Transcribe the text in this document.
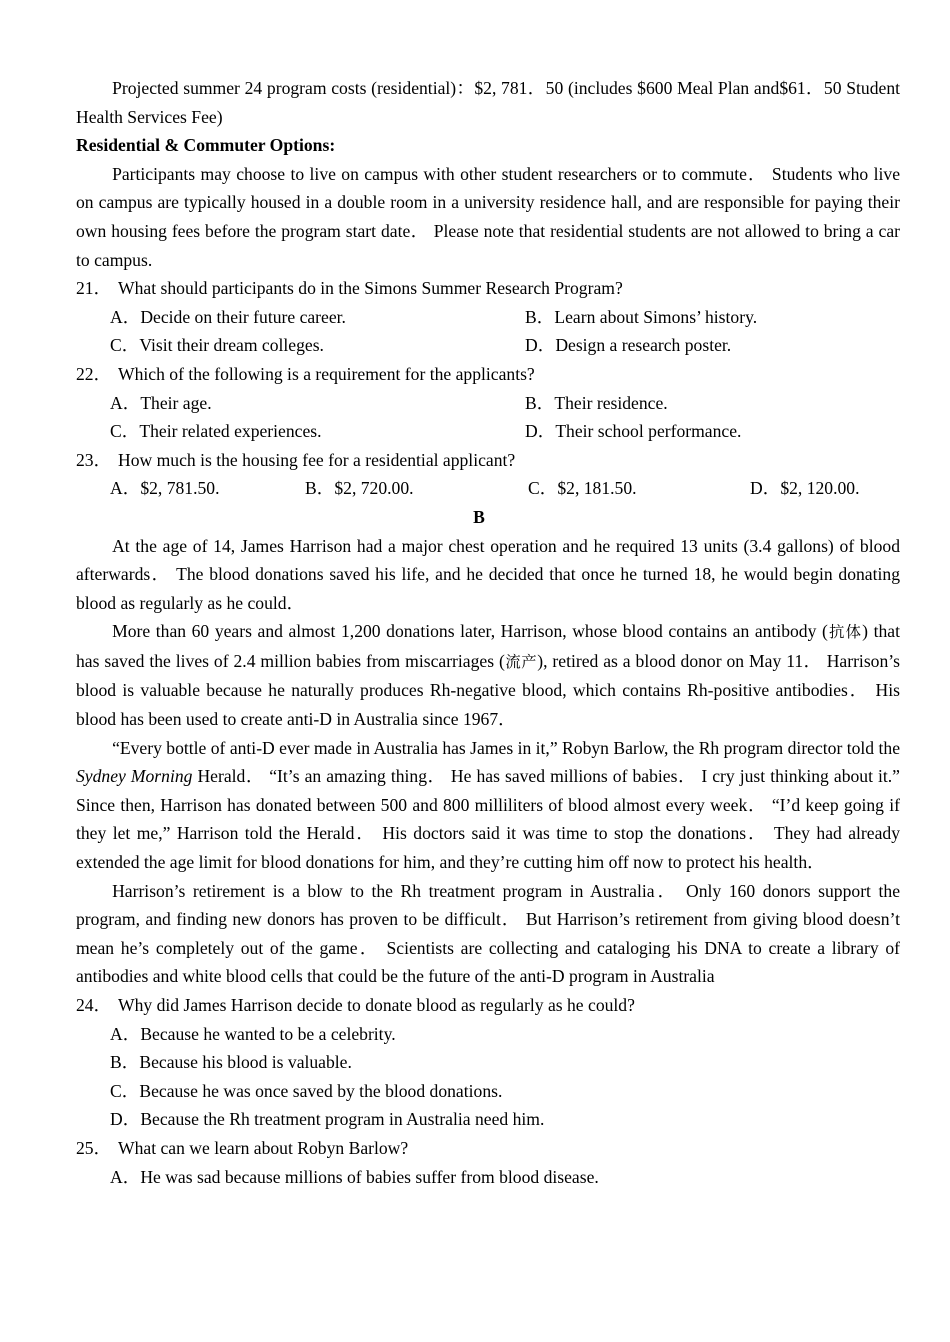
Projected summer 24 program costs (residential)：$2, 781．50 (includes $600 Meal Plan and$61．50 Student Health Services Fee)

Residential & Commuter Options:

Participants may choose to live on campus with other student researchers or to commute． Students who live on campus are typically housed in a double room in a university residence hall, and are responsible for paying their own housing fees before the program start date． Please note that residential students are not allowed to bring a car to campus.

21． What should participants do in the Simons Summer Research Program?

A．Decide on their future career.	B．Learn about Simons’ history.
C．Visit their dream colleges.	D．Design a research poster.

22． Which of the following is a requirement for the applicants?

A．Their age.	B．Their residence.
C．Their related experiences.	D．Their school performance.

23． How much is the housing fee for a residential applicant?

A．$2, 781.50.	B．$2, 720.00.	C．$2, 181.50.	D．$2, 120.00.

B

At the age of 14, James Harrison had a major chest operation and he required 13 units (3.4 gallons) of blood afterwards． The blood donations saved his life, and he decided that once he turned 18, he would begin donating blood as regularly as he could．

More than 60 years and almost 1,200 donations later, Harrison, whose blood contains an antibody (抗体) that has saved the lives of 2.4 million babies from miscarriages (流产), retired as a blood donor on May 11． Harrison’s blood is valuable because he naturally produces Rh-negative blood, which contains Rh-positive antibodies． His blood has been used to create anti-D in Australia since 1967．

“Every bottle of anti-D ever made in Australia has James in it,” Robyn Barlow, the Rh program director told the Sydney Morning Herald． “It’s an amazing thing． He has saved millions of babies． I cry just thinking about it.” Since then, Harrison has donated between 500 and 800 milliliters of blood almost every week． “I’d keep going if they let me,” Harrison told the Herald． His doctors said it was time to stop the donations． They had already extended the age limit for blood donations for him, and they’re cutting him off now to protect his health．

Harrison’s retirement is a blow to the Rh treatment program in Australia． Only 160 donors support the program, and finding new donors has proven to be difficult． But Harrison’s retirement from giving blood doesn’t mean he’s completely out of the game． Scientists are collecting and cataloging his DNA to create a library of antibodies and white blood cells that could be the future of the anti-D program in Australia

24． Why did James Harrison decide to donate blood as regularly as he could?

A．Because he wanted to be a celebrity.

B．Because his blood is valuable.

C．Because he was once saved by the blood donations.

D．Because the Rh treatment program in Australia need him.

25． What can we learn about Robyn Barlow?

A．He was sad because millions of babies suffer from blood disease.
